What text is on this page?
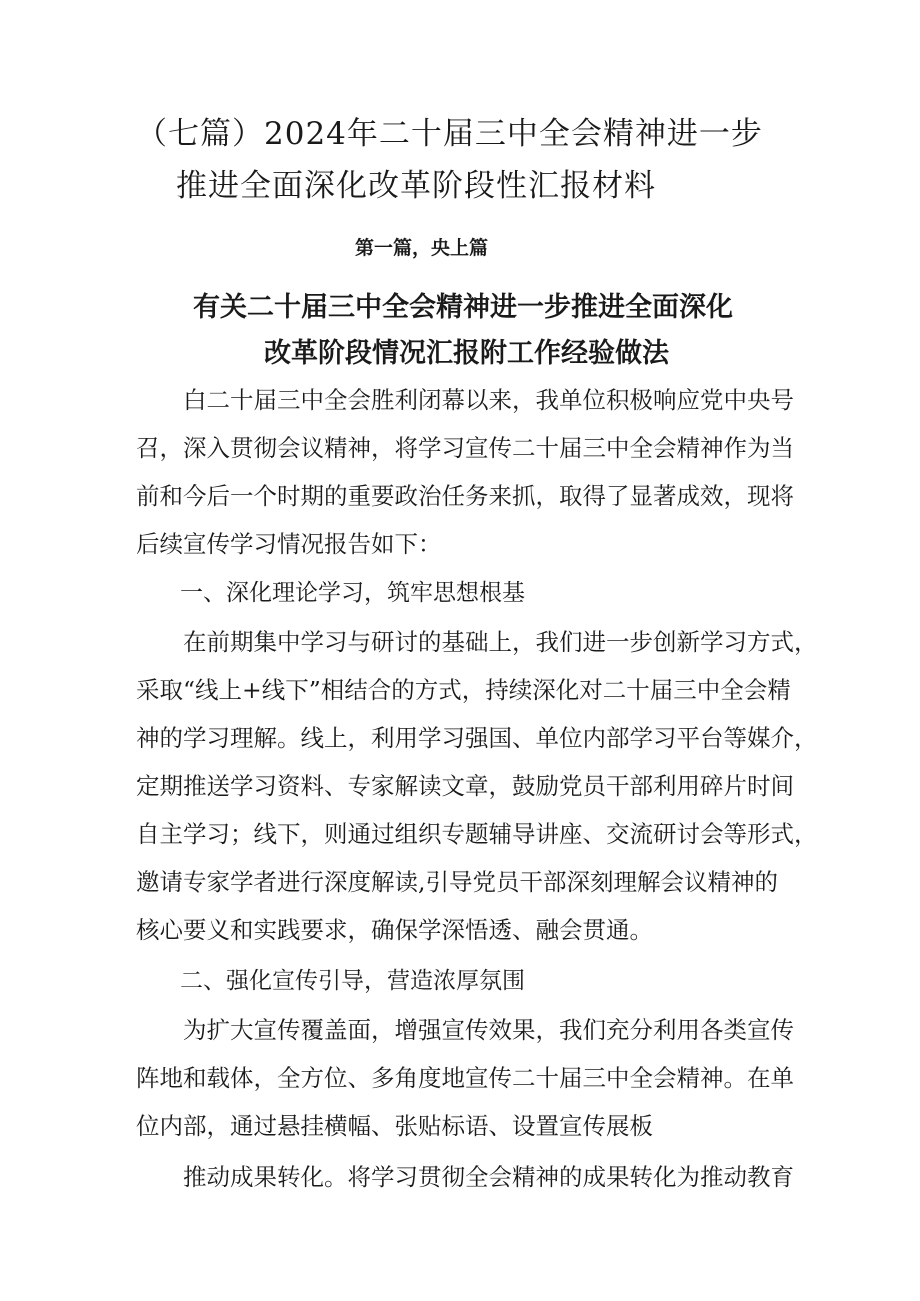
（七篇）2024年二十届三中全会精神进一步

推进全面深化改革阶段性汇报材料

第一篇，央上篇

有关二十届三中全会精神进一步推进全面深化

改革阶段情况汇报附工作经验做法

白二十届三中全会胜利闭幕以来，我单位积极响应党中央号

召，深入贯彻会议精神，将学习宣传二十届三中全会精神作为当

前和今后一个时期的重要政治任务来抓，取得了显著成效，现将

后续宣传学习情况报告如下：

一、深化理论学习，筑牢思想根基

在前期集中学习与研讨的基础上，我们进一步创新学习方式，

采取“线上+线下”相结合的方式，持续深化对二十届三中全会精

神的学习理解。线上，利用学习强国、单位内部学习平台等媒介，

定期推送学习资料、专家解读文章，鼓励党员干部利用碎片时间

自主学习；线下，则通过组织专题辅导讲座、交流研讨会等形式，

邀请专家学者进行深度解读,引导党员干部深刻理解会议精神的

核心要义和实践要求，确保学深悟透、融会贯通。

二、强化宣传引导，营造浓厚氛围

为扩大宣传覆盖面，增强宣传效果，我们充分利用各类宣传

阵地和载体，全方位、多角度地宣传二十届三中全会精神。在单

位内部，通过悬挂横幅、张贴标语、设置宣传展板

推动成果转化。将学习贯彻全会精神的成果转化为推动教育
